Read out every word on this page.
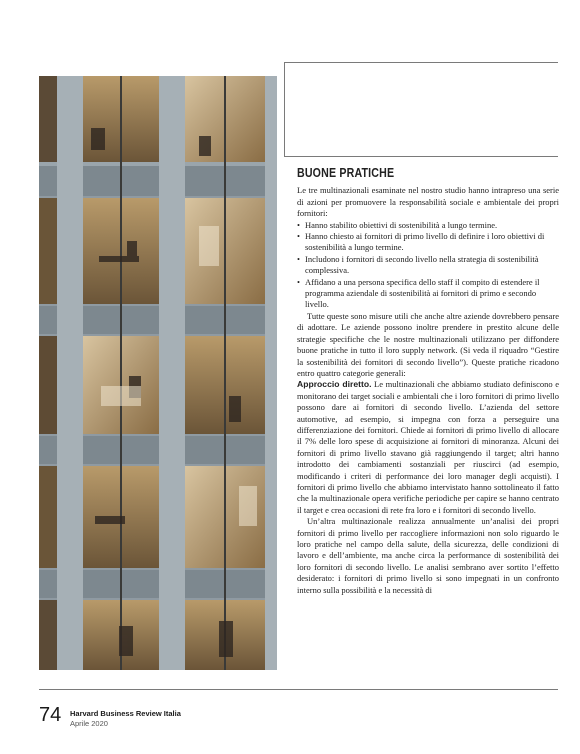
BUONE PRATICHE

Le tre multinazionali esaminate nel nostro studio hanno intrapreso una serie di azioni per promuovere la responsabilità sociale e ambientale dei propri fornitori:

• Hanno stabilito obiettivi di sostenibilità a lungo termine.
• Hanno chiesto ai fornitori di primo livello di definire i loro obiettivi di sostenibilità a lungo termine.
• Includono i fornitori di secondo livello nella strategia di sostenibilità complessiva.
• Affidano a una persona specifica dello staff il compito di estendere il programma aziendale di sostenibilità ai fornitori di primo e secondo livello.

Tutte queste sono misure utili che anche altre aziende dovrebbero pensare di adottare. Le aziende possono inoltre prendere in prestito alcune delle strategie specifiche che le nostre multinazionali utilizzano per diffondere buone pratiche in tutto il loro supply network. (Si veda il riquadro “Gestire la sostenibilità dei fornitori di secondo livello”). Queste pratiche ricadono entro quattro categorie generali:

Approccio diretto. Le multinazionali che abbiamo studiato definiscono e monitorano dei target sociali e ambientali che i loro fornitori di primo livello possono dare ai fornitori di secondo livello. L’azienda del settore automotive, ad esempio, si impegna con forza a perseguire una differenziazione dei fornitori. Chiede ai fornitori di primo livello di allocare il 7% delle loro spese di acquisizione ai fornitori di minoranza. Alcuni dei fornitori di primo livello stavano già raggiungendo il target; altri hanno introdotto dei cambiamenti sostanziali per riuscirci (ad esempio, modificando i criteri di performance dei loro manager degli acquisti). I fornitori di primo livello che abbiamo intervistato hanno sottolineato il fatto che la multinazionale opera verifiche periodiche per capire se hanno centrato il target e crea occasioni di rete fra loro e i fornitori di secondo livello.

Un’altra multinazionale realizza annualmente un’analisi dei propri fornitori di primo livello per raccogliere informazioni non solo riguardo le loro pratiche nel campo della salute, della sicurezza, delle condizioni di lavoro e dell’ambiente, ma anche circa la performance di sostenibilità dei loro fornitori di secondo livello. Le analisi sembrano aver sortito l’effetto desiderato: i fornitori di primo livello si sono impegnati in un confronto interno sulla possibilità e la necessità di

74 Harvard Business Review Italia
Aprile 2020
